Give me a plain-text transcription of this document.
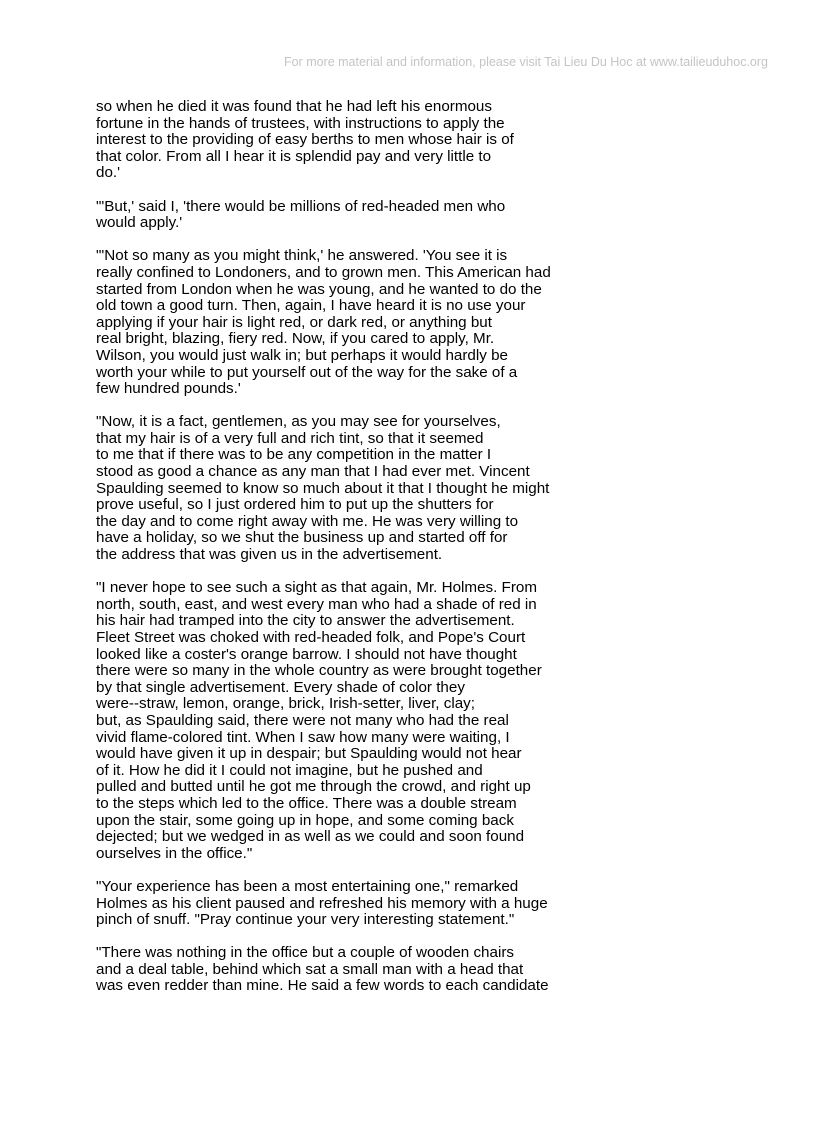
For more material and information, please visit Tai Lieu Du Hoc at www.tailieuduhoc.org
so when he died it was found that he had left his enormous
fortune in the hands of trustees, with instructions to apply the
interest to the providing of easy berths to men whose hair is of
that color. From all I hear it is splendid pay and very little to
do.'
"'But,' said I, 'there would be millions of red-headed men who
would apply.'
"'Not so many as you might think,' he answered. 'You see it is
really confined to Londoners, and to grown men. This American had
started from London when he was young, and he wanted to do the
old town a good turn. Then, again, I have heard it is no use your
applying if your hair is light red, or dark red, or anything but
real bright, blazing, fiery red. Now, if you cared to apply, Mr.
Wilson, you would just walk in; but perhaps it would hardly be
worth your while to put yourself out of the way for the sake of a
few hundred pounds.'
"Now, it is a fact, gentlemen, as you may see for yourselves,
that my hair is of a very full and rich tint, so that it seemed
to me that if there was to be any competition in the matter I
stood as good a chance as any man that I had ever met. Vincent
Spaulding seemed to know so much about it that I thought he might
prove useful, so I just ordered him to put up the shutters for
the day and to come right away with me. He was very willing to
have a holiday, so we shut the business up and started off for
the address that was given us in the advertisement.
"I never hope to see such a sight as that again, Mr. Holmes. From
north, south, east, and west every man who had a shade of red in
his hair had tramped into the city to answer the advertisement.
Fleet Street was choked with red-headed folk, and Pope's Court
looked like a coster's orange barrow. I should not have thought
there were so many in the whole country as were brought together
by that single advertisement. Every shade of color they
were--straw, lemon, orange, brick, Irish-setter, liver, clay;
but, as Spaulding said, there were not many who had the real
vivid flame-colored tint. When I saw how many were waiting, I
would have given it up in despair; but Spaulding would not hear
of it. How he did it I could not imagine, but he pushed and
pulled and butted until he got me through the crowd, and right up
to the steps which led to the office. There was a double stream
upon the stair, some going up in hope, and some coming back
dejected; but we wedged in as well as we could and soon found
ourselves in the office."
"Your experience has been a most entertaining one," remarked
Holmes as his client paused and refreshed his memory with a huge
pinch of snuff. "Pray continue your very interesting statement."
"There was nothing in the office but a couple of wooden chairs
and a deal table, behind which sat a small man with a head that
was even redder than mine. He said a few words to each candidate
